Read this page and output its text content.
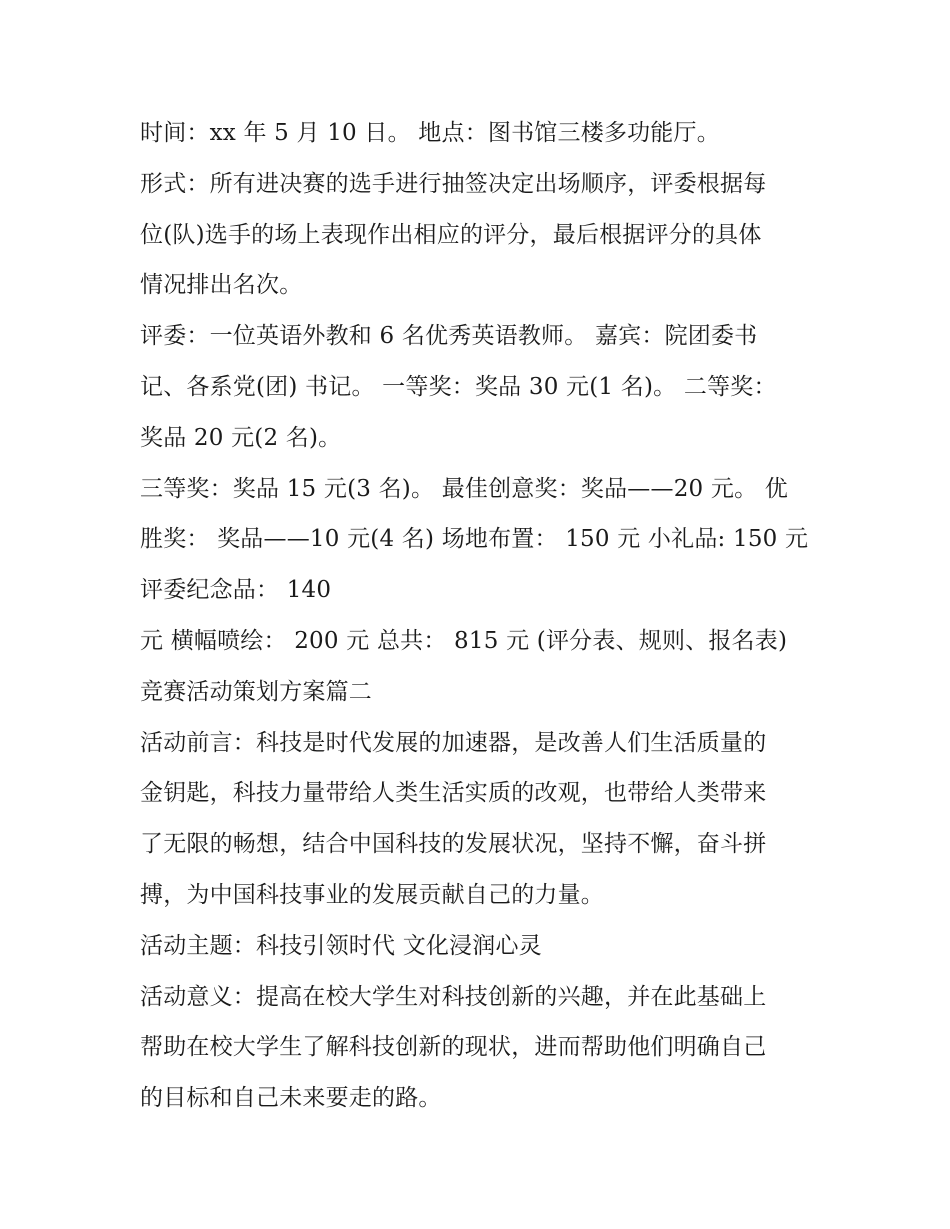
时间：xx 年 5 月 10 日。 地点：图书馆三楼多功能厅。
形式：所有进决赛的选手进行抽签决定出场顺序，评委根据每
位(队)选手的场上表现作出相应的评分，最后根据评分的具体
情况排出名次。
评委：一位英语外教和 6 名优秀英语教师。 嘉宾：院团委书
记、各系党(团) 书记。 一等奖：奖品 30 元(1 名)。 二等奖：
奖品 20 元(2 名)。
三等奖：奖品 15 元(3 名)。 最佳创意奖：奖品——20 元。 优
胜奖： 奖品——10 元(4 名) 场地布置： 150 元 小礼品: 150 元
评委纪念品： 140
元 横幅喷绘： 200 元 总共： 815 元 (评分表、规则、报名表)
竞赛活动策划方案篇二
活动前言：科技是时代发展的加速器，是改善人们生活质量的
金钥匙，科技力量带给人类生活实质的改观，也带给人类带来
了无限的畅想，结合中国科技的发展状况，坚持不懈，奋斗拼
搏，为中国科技事业的发展贡献自己的力量。
活动主题：科技引领时代 文化浸润心灵
活动意义：提高在校大学生对科技创新的兴趣，并在此基础上
帮助在校大学生了解科技创新的现状，进而帮助他们明确自己
的目标和自己未来要走的路。
